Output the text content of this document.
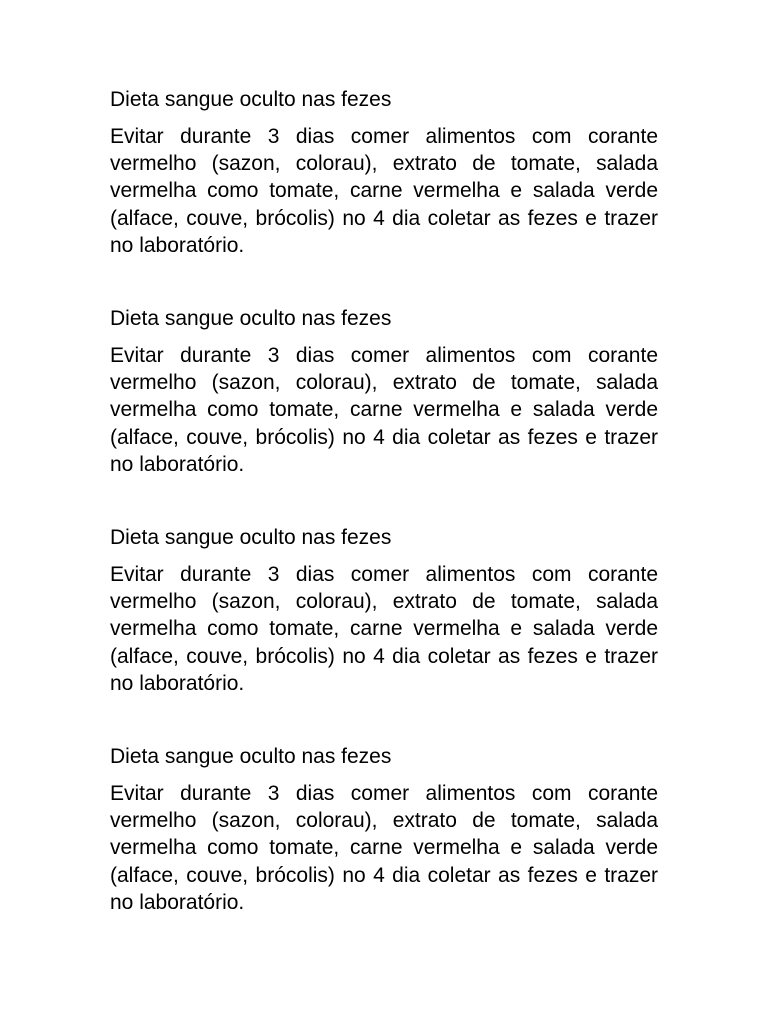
Dieta sangue oculto nas fezes

Evitar durante 3 dias comer alimentos com corante vermelho (sazon, colorau), extrato de tomate, salada vermelha como tomate, carne vermelha e salada verde (alface, couve, brócolis) no 4 dia coletar as fezes e trazer no laboratório.

Dieta sangue oculto nas fezes

Evitar durante 3 dias comer alimentos com corante vermelho (sazon, colorau), extrato de tomate, salada vermelha como tomate, carne vermelha e salada verde (alface, couve, brócolis) no 4 dia coletar as fezes e trazer no laboratório.

Dieta sangue oculto nas fezes

Evitar durante 3 dias comer alimentos com corante vermelho (sazon, colorau), extrato de tomate, salada vermelha como tomate, carne vermelha e salada verde (alface, couve, brócolis) no 4 dia coletar as fezes e trazer no laboratório.

Dieta sangue oculto nas fezes

Evitar durante 3 dias comer alimentos com corante vermelho (sazon, colorau), extrato de tomate, salada vermelha como tomate, carne vermelha e salada verde (alface, couve, brócolis) no 4 dia coletar as fezes e trazer no laboratório.
